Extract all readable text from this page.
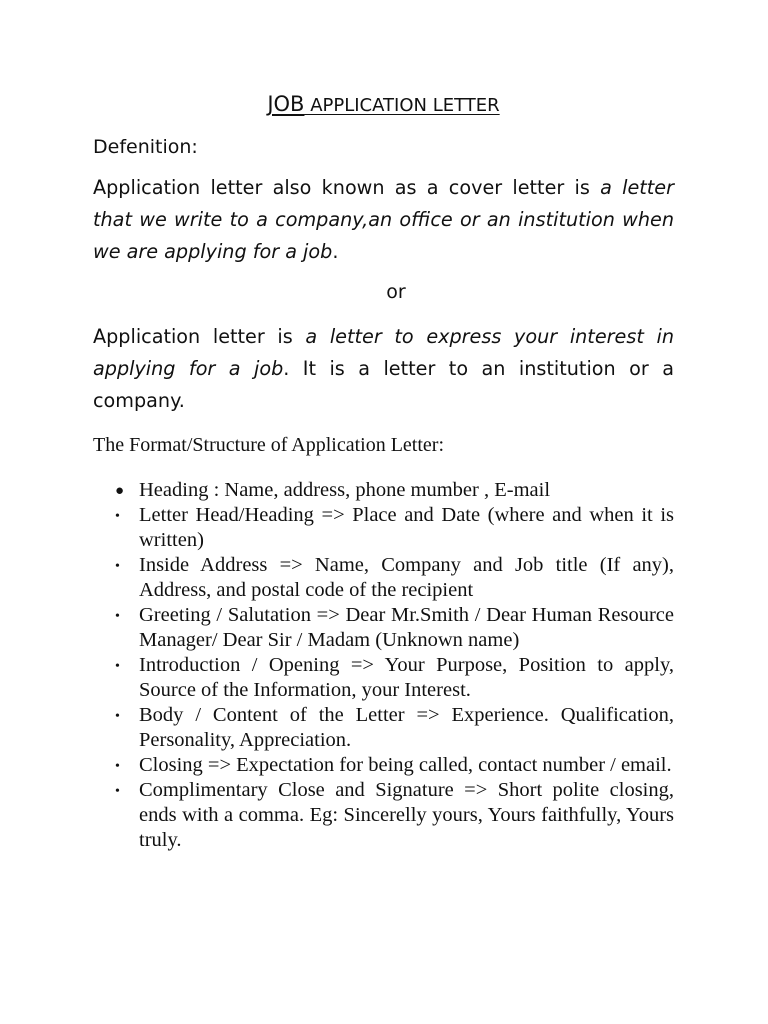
JOB APPLICATION LETTER
Defenition:
Application letter also known as a cover letter is a letter that we write to a company,an office or an institution when we are applying for a job.
or
Application letter is a letter to express your interest in applying for a job. It is a letter to an institution or a company.
The Format/Structure of Application Letter:
● Heading : Name, address, phone mumber , E-mail
• Letter Head/Heading => Place and Date (where and when it is written)
• Inside Address => Name, Company and Job title (If any), Address, and postal code of the recipient
• Greeting / Salutation => Dear Mr.Smith / Dear Human Resource Manager/ Dear Sir / Madam (Unknown name)
• Introduction / Opening => Your Purpose, Position to apply, Source of the Information, your Interest.
• Body / Content of the Letter => Experience. Qualification, Personality, Appreciation.
• Closing => Expectation for being called, contact number / email.
• Complimentary Close and Signature => Short polite closing, ends with a comma. Eg: Sincerelly yours, Yours faithfully, Yours truly.
